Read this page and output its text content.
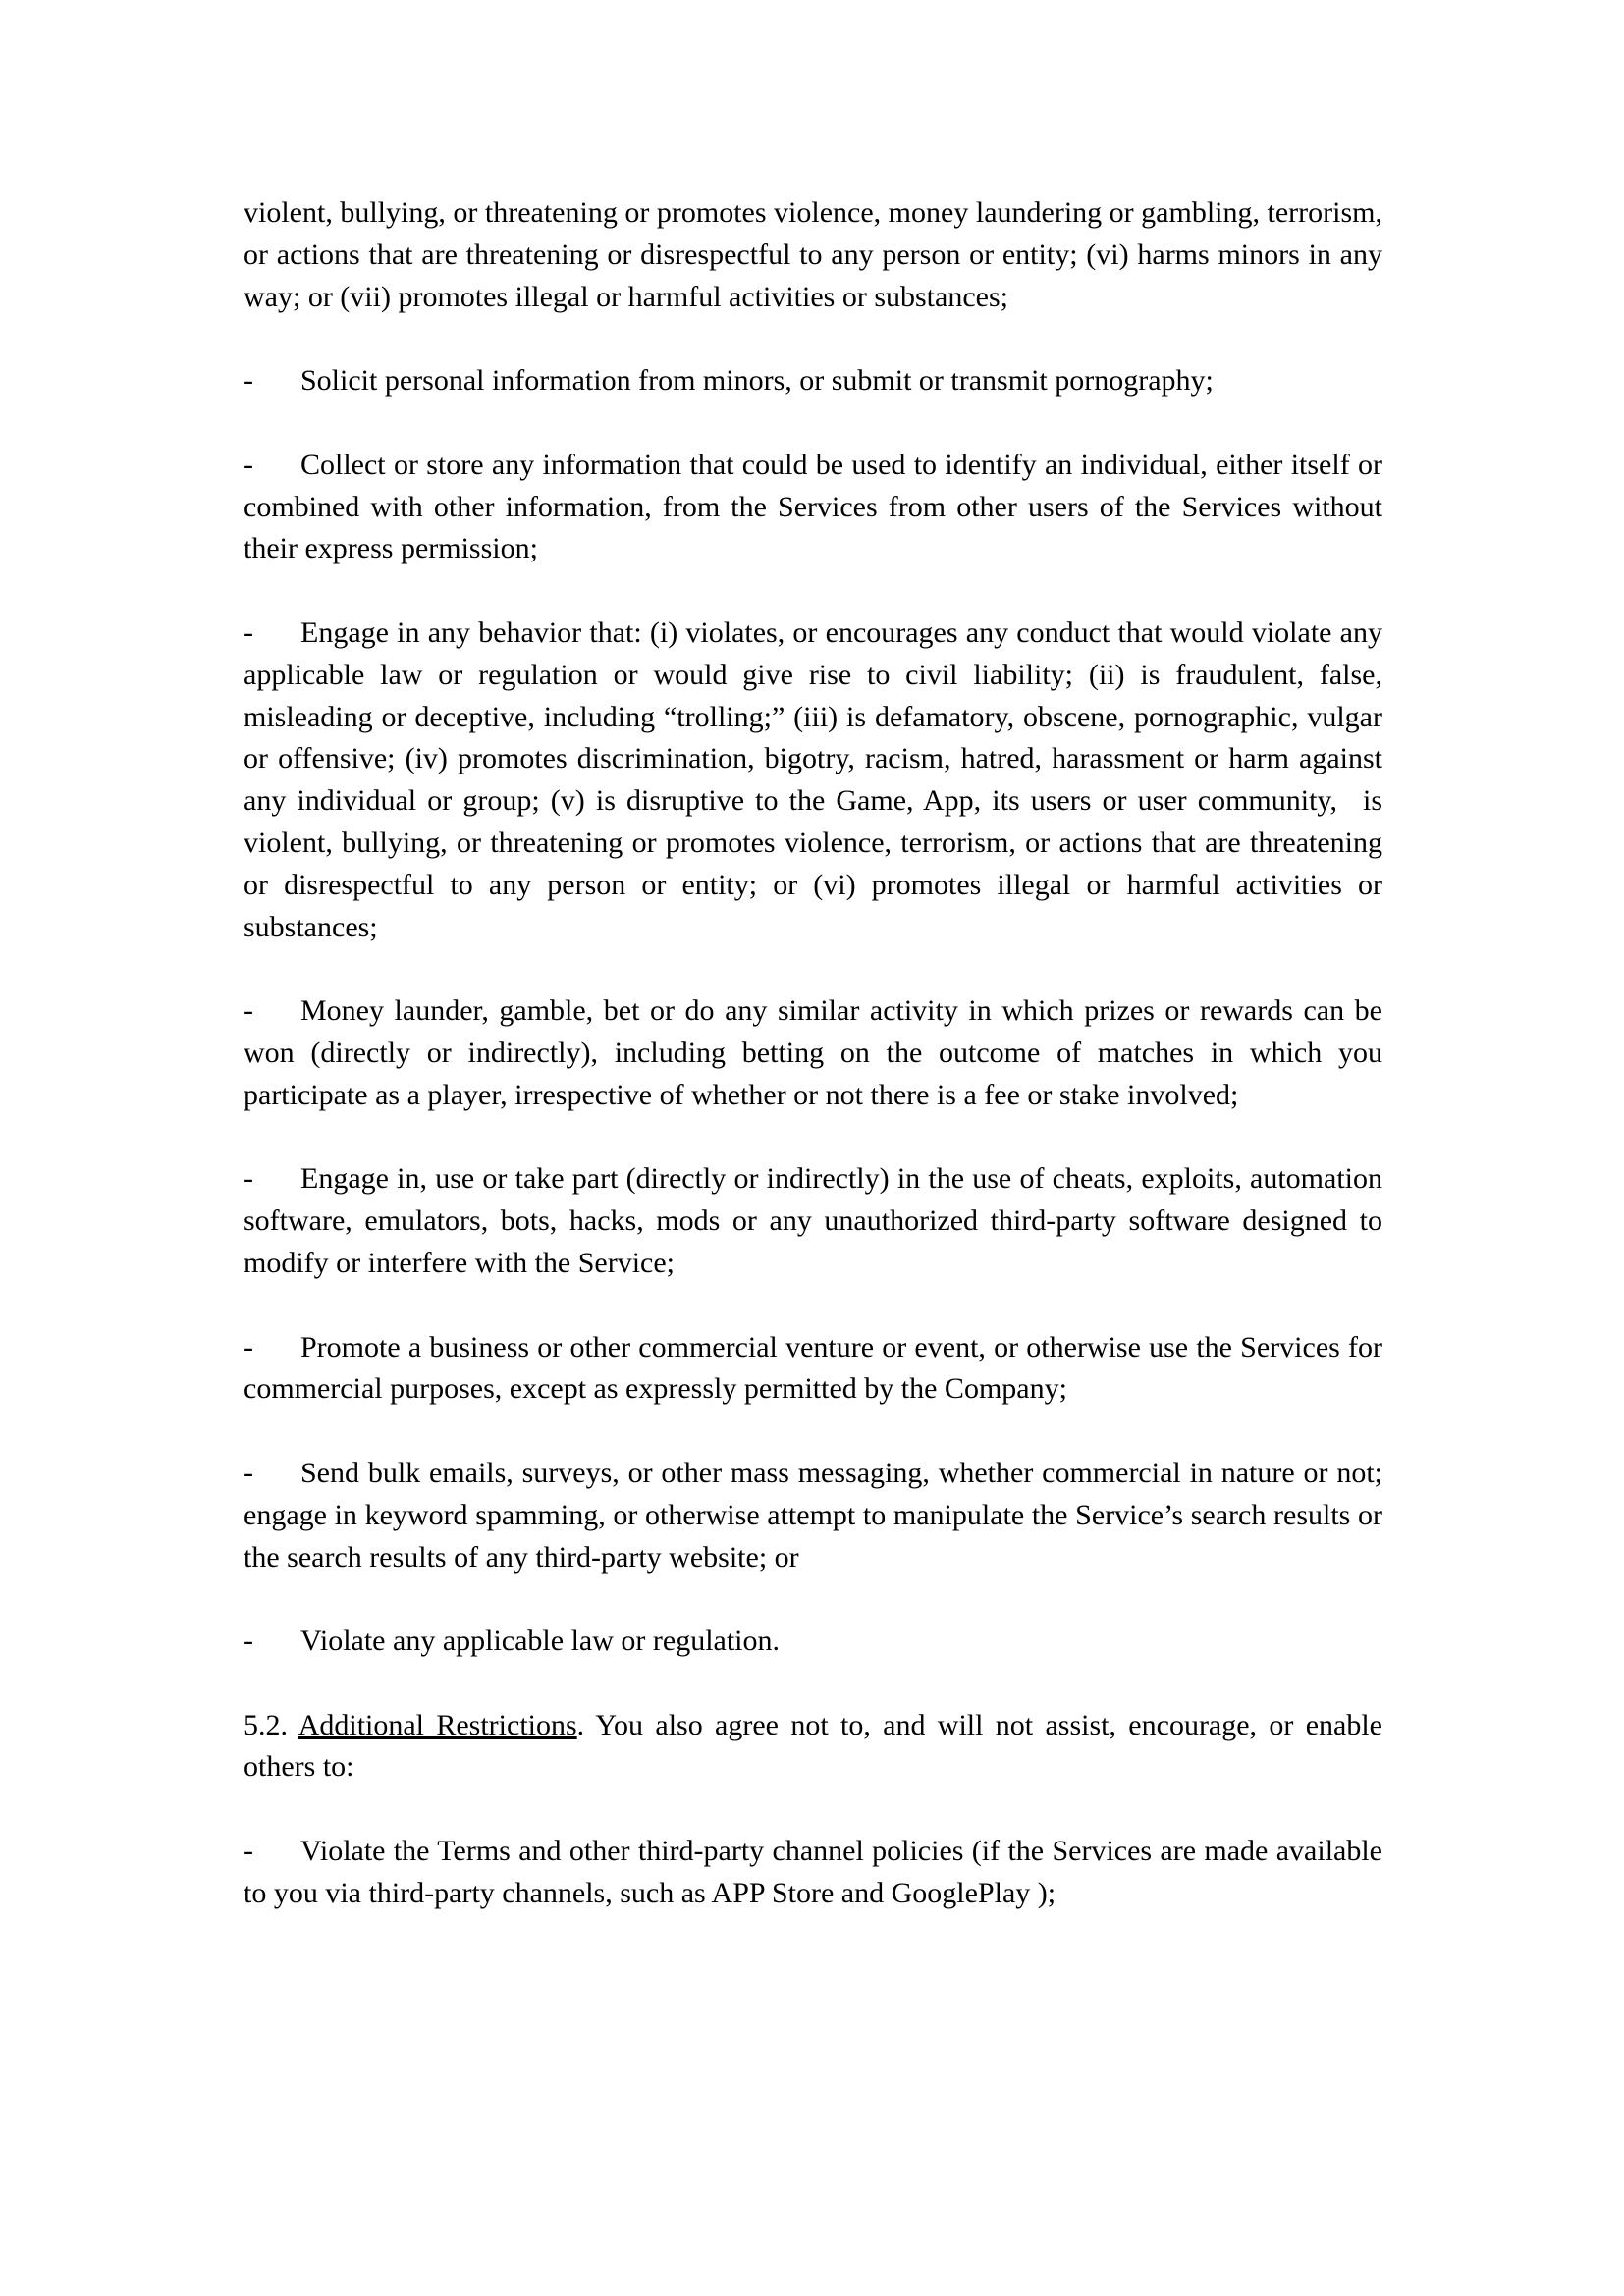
violent, bullying, or threatening or promotes violence, money laundering or gambling, terrorism, or actions that are threatening or disrespectful to any person or entity; (vi) harms minors in any way; or (vii) promotes illegal or harmful activities or substances;

-	Solicit personal information from minors, or submit or transmit pornography;
-	Collect or store any information that could be used to identify an individual, either itself or combined with other information, from the Services from other users of the Services without their express permission;
-	Engage in any behavior that: (i) violates, or encourages any conduct that would violate any applicable law or regulation or would give rise to civil liability; (ii) is fraudulent, false, misleading or deceptive, including “trolling;” (iii) is defamatory, obscene, pornographic, vulgar or offensive; (iv) promotes discrimination, bigotry, racism, hatred, harassment or harm against any individual or group; (v) is disruptive to the Game, App, its users or user community, is violent, bullying, or threatening or promotes violence, terrorism, or actions that are threatening or disrespectful to any person or entity; or (vi) promotes illegal or harmful activities or substances;
-	Money launder, gamble, bet or do any similar activity in which prizes or rewards can be won (directly or indirectly), including betting on the outcome of matches in which you participate as a player, irrespective of whether or not there is a fee or stake involved;
-	Engage in, use or take part (directly or indirectly) in the use of cheats, exploits, automation software, emulators, bots, hacks, mods or any unauthorized third-party software designed to modify or interfere with the Service;
-	Promote a business or other commercial venture or event, or otherwise use the Services for commercial purposes, except as expressly permitted by the Company;
-	Send bulk emails, surveys, or other mass messaging, whether commercial in nature or not; engage in keyword spamming, or otherwise attempt to manipulate the Service’s search results or the search results of any third-party website; or
-	Violate any applicable law or regulation.

5.2. Additional Restrictions. You also agree not to, and will not assist, encourage, or enable others to:

-	Violate the Terms and other third-party channel policies (if the Services are made available to you via third-party channels, such as APP Store and GooglePlay );
